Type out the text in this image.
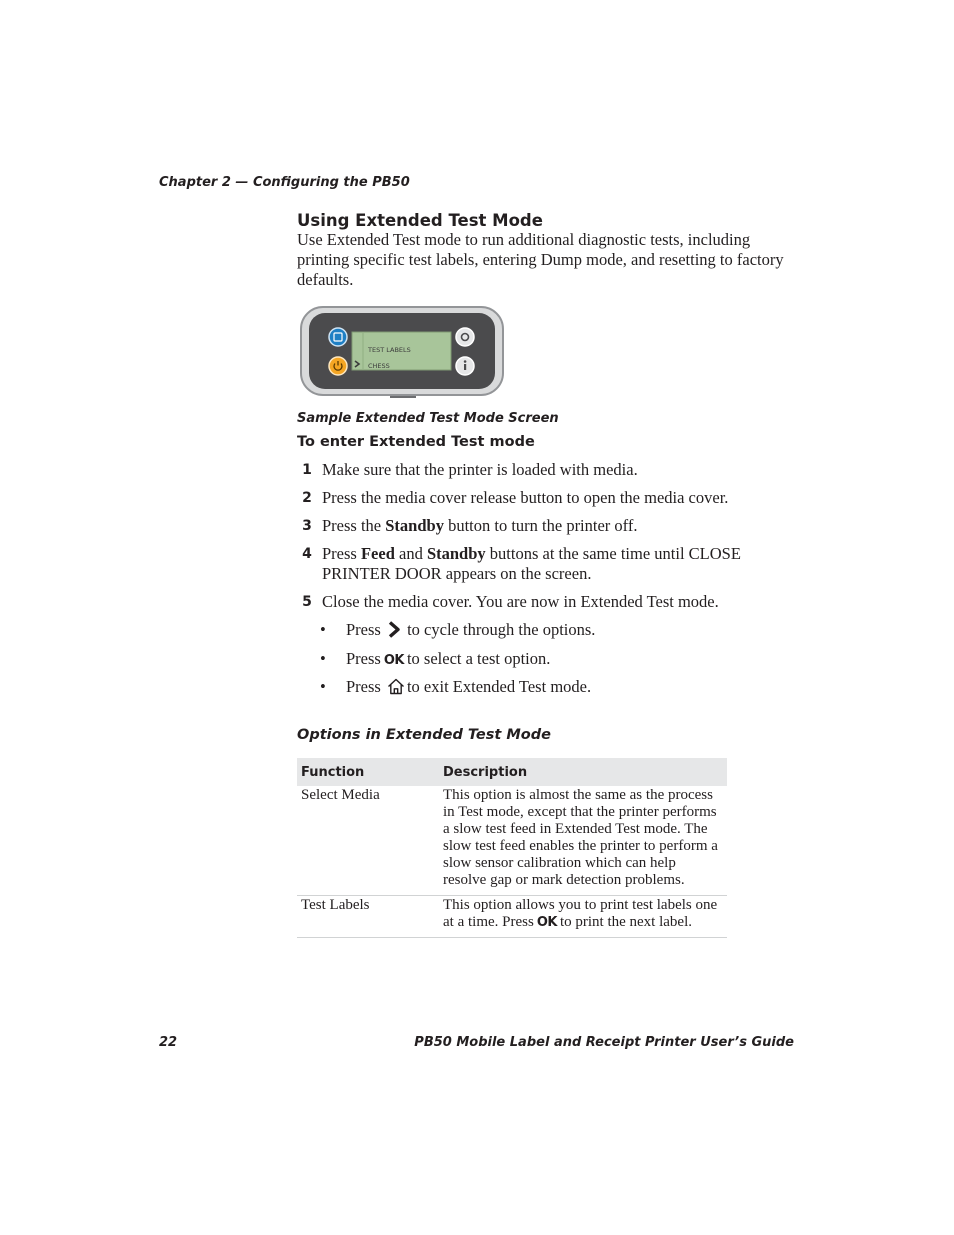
Chapter 2 — Configuring the PB50
Using Extended Test Mode
Use Extended Test mode to run additional diagnostic tests, including printing specific test labels, entering Dump mode, and resetting to factory defaults.
TEST LABELS
CHESS
Sample Extended Test Mode Screen
To enter Extended Test mode
1 Make sure that the printer is loaded with media.
2 Press the media cover release button to open the media cover.
3 Press the Standby button to turn the printer off.
4 Press Feed and Standby buttons at the same time until CLOSE PRINTER DOOR appears on the screen.
5 Close the media cover. You are now in Extended Test mode.
• Press to cycle through the options.
• Press OK to select a test option.
• Press to exit Extended Test mode.
Options in Extended Test Mode
Function	Description
Select Media	This option is almost the same as the process in Test mode, except that the printer performs a slow test feed in Extended Test mode. The slow test feed enables the printer to perform a slow sensor calibration which can help resolve gap or mark detection problems.
Test Labels	This option allows you to print test labels one at a time. Press OK to print the next label.
22	PB50 Mobile Label and Receipt Printer User’s Guide
